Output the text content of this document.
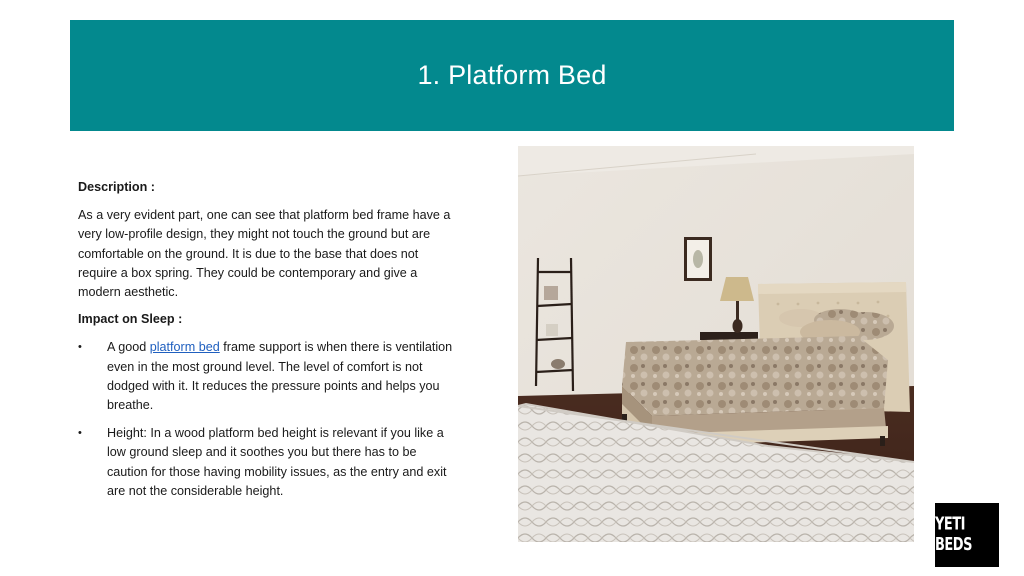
1. Platform Bed

Description :

As a very evident part, one can see that platform bed frame have a very low-profile design, they might not touch the ground but are comfortable on the ground. It is due to the base that does not require a box spring. They could be contemporary and give a modern aesthetic.

Impact on Sleep :

• A good platform bed frame support is when there is ventilation even in the most ground level. The level of comfort is not dodged with it. It reduces the pressure points and helps you breathe.
• Height: In a wood platform bed height is relevant if you like a low ground sleep and it soothes you but there has to be caution for those having mobility issues, as the entry and exit are not the considerable height.
YETI BEDS
